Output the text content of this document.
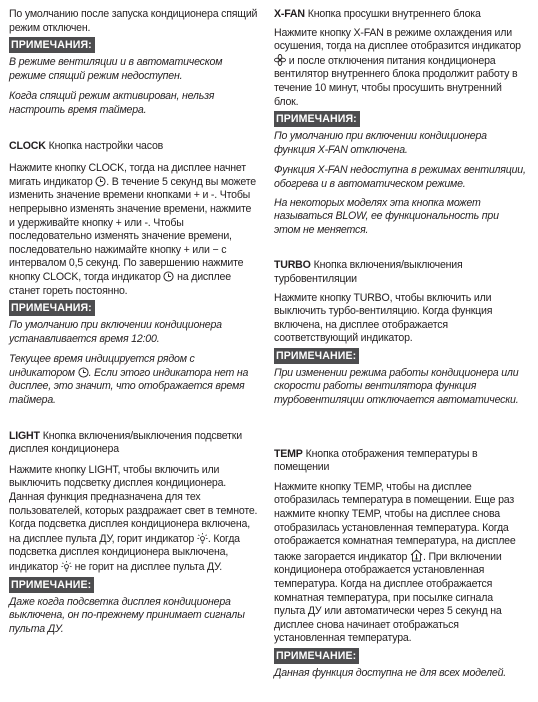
По умолчанию после запуска кондиционера спящий режим отключен.

ПРИМЕЧАНИЯ:

В режиме вентиляции и в автоматическом режиме спящий режим недоступен.

Когда спящий режим активирован, нельзя настроить время таймера.

CLOCK Кнопка настройки часов

Нажмите кнопку CLOCK, тогда на дисплее начнет мигать индикатор . В течение 5 секунд вы можете изменить значение времени кнопками + и -. Чтобы непрерывно изменять значение времени, нажмите и удерживайте кнопку + или -. Чтобы последовательно изменять значение времени, последовательно нажимайте кнопку + или − с интервалом 0,5 секунд. По завершению нажмите кнопку CLOCK, тогда индикатор на дисплее станет гореть постоянно.

ПРИМЕЧАНИЯ:

По умолчанию при включении кондиционера устанавливается время 12:00.

Текущее время индицируется рядом с индикатором . Если этого индикатора нет на дисплее, это значит, что отображается время таймера.

LIGHT Кнопка включения/выключения подсветки дисплея кондиционера

Нажмите кнопку LIGHT, чтобы включить или выключить подсветку дисплея кондиционера. Данная функция предназначена для тех пользователей, которых раздражает свет в темноте. Когда подсветка дисплея кондиционера включена, на дисплее пульта ДУ, горит индикатор . Когда подсветка дисплея кондиционера выключена, индикатор не горит на дисплее пульта ДУ.

ПРИМЕЧАНИЕ:

Даже когда подсветка дисплея кондиционера выключена, он по-прежнему принимает сигналы пульта ДУ.

X-FAN Кнопка просушки внутреннего блока

Нажмите кнопку X-FAN в режиме охлаждения или осушения, тогда на дисплее отобразится индикатор
и после отключения питания кондиционера вентилятор внутреннего блока продолжит работу в течение 10 минут, чтобы просушить внутренний блок.

ПРИМЕЧАНИЯ:

По умолчанию при включении кондиционера функция X-FAN отключена.

Функция X-FAN недоступна в режимах вентиляции, обогрева и в автоматическом режиме.

На некоторых моделях эта кнопка может называться BLOW, ее функциональность при этом не меняется.

TURBO Кнопка включения/выключения турбовентиляции

Нажмите кнопку TURBO, чтобы включить или выключить турбо-вентиляцию. Когда функция включена, на дисплее отображается соответствующий индикатор.

ПРИМЕЧАНИЕ:

При изменении режима работы кондиционера или скорости работы вентилятора функция турбовентиляции отключается автоматически.

TEMP Кнопка отображения температуры в помещении

Нажмите кнопку TEMP, чтобы на дисплее отобразилась температура в помещении. Еще раз нажмите кнопку TEMP, чтобы на дисплее снова отобразилась установленная температура. Когда отображается комнатная температура, на дисплее также загорается индикатор . При включении кондиционера отображается установленная температура. Когда на дисплее отображается комнатная температура, при посылке сигнала пульта ДУ или автоматически через 5 секунд на дисплее снова начинает отображаться установленная температура.

ПРИМЕЧАНИЕ:

Данная функция доступна не для всех моделей.
